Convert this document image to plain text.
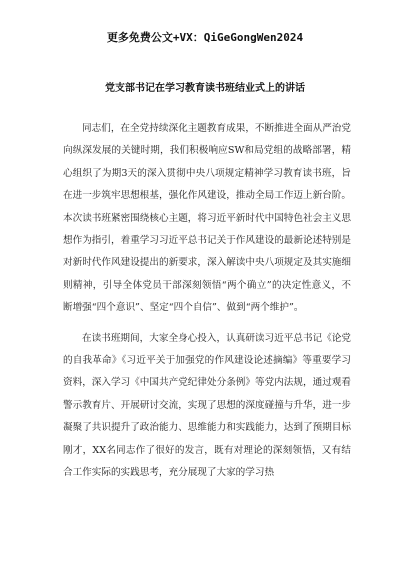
更多免费公文+VX：QiGeGongWen2024
党支部书记在学习教育读书班结业式上的讲话

同志们，在全党持续深化主题教育成果，不断推进全面从严治党向纵深发展的关键时期，我们积极响应SW和局党组的战略部署，精心组织了为期3天的深入贯彻中央八项规定精神学习教育读书班，旨在进一步筑牢思想根基，强化作风建设，推动全局工作迈上新台阶。本次读书班紧密围绕核心主题，将习近平新时代中国特色社会主义思想作为指引，着重学习习近平总书记关于作风建设的最新论述特别是对新时代作风建设提出的新要求，深入解读中央八项规定及其实施细则精神，引导全体党员干部深刻领悟“两个确立”的决定性意义，不断增强“四个意识”、坚定“四个自信”、做到“两个维护”。

在读书班期间，大家全身心投入，认真研读习近平总书记《论党的自我革命》《习近平关于加强党的作风建设论述摘编》等重要学习资料，深入学习《中国共产党纪律处分条例》等党内法规，通过观看警示教育片、开展研讨交流，实现了思想的深度碰撞与升华，进一步凝聚了共识提升了政治能力、思维能力和实践能力，达到了预期目标刚才，XX名同志作了很好的发言，既有对理论的深刻领悟，又有结合工作实际的实践思考，充分展现了大家的学习热
